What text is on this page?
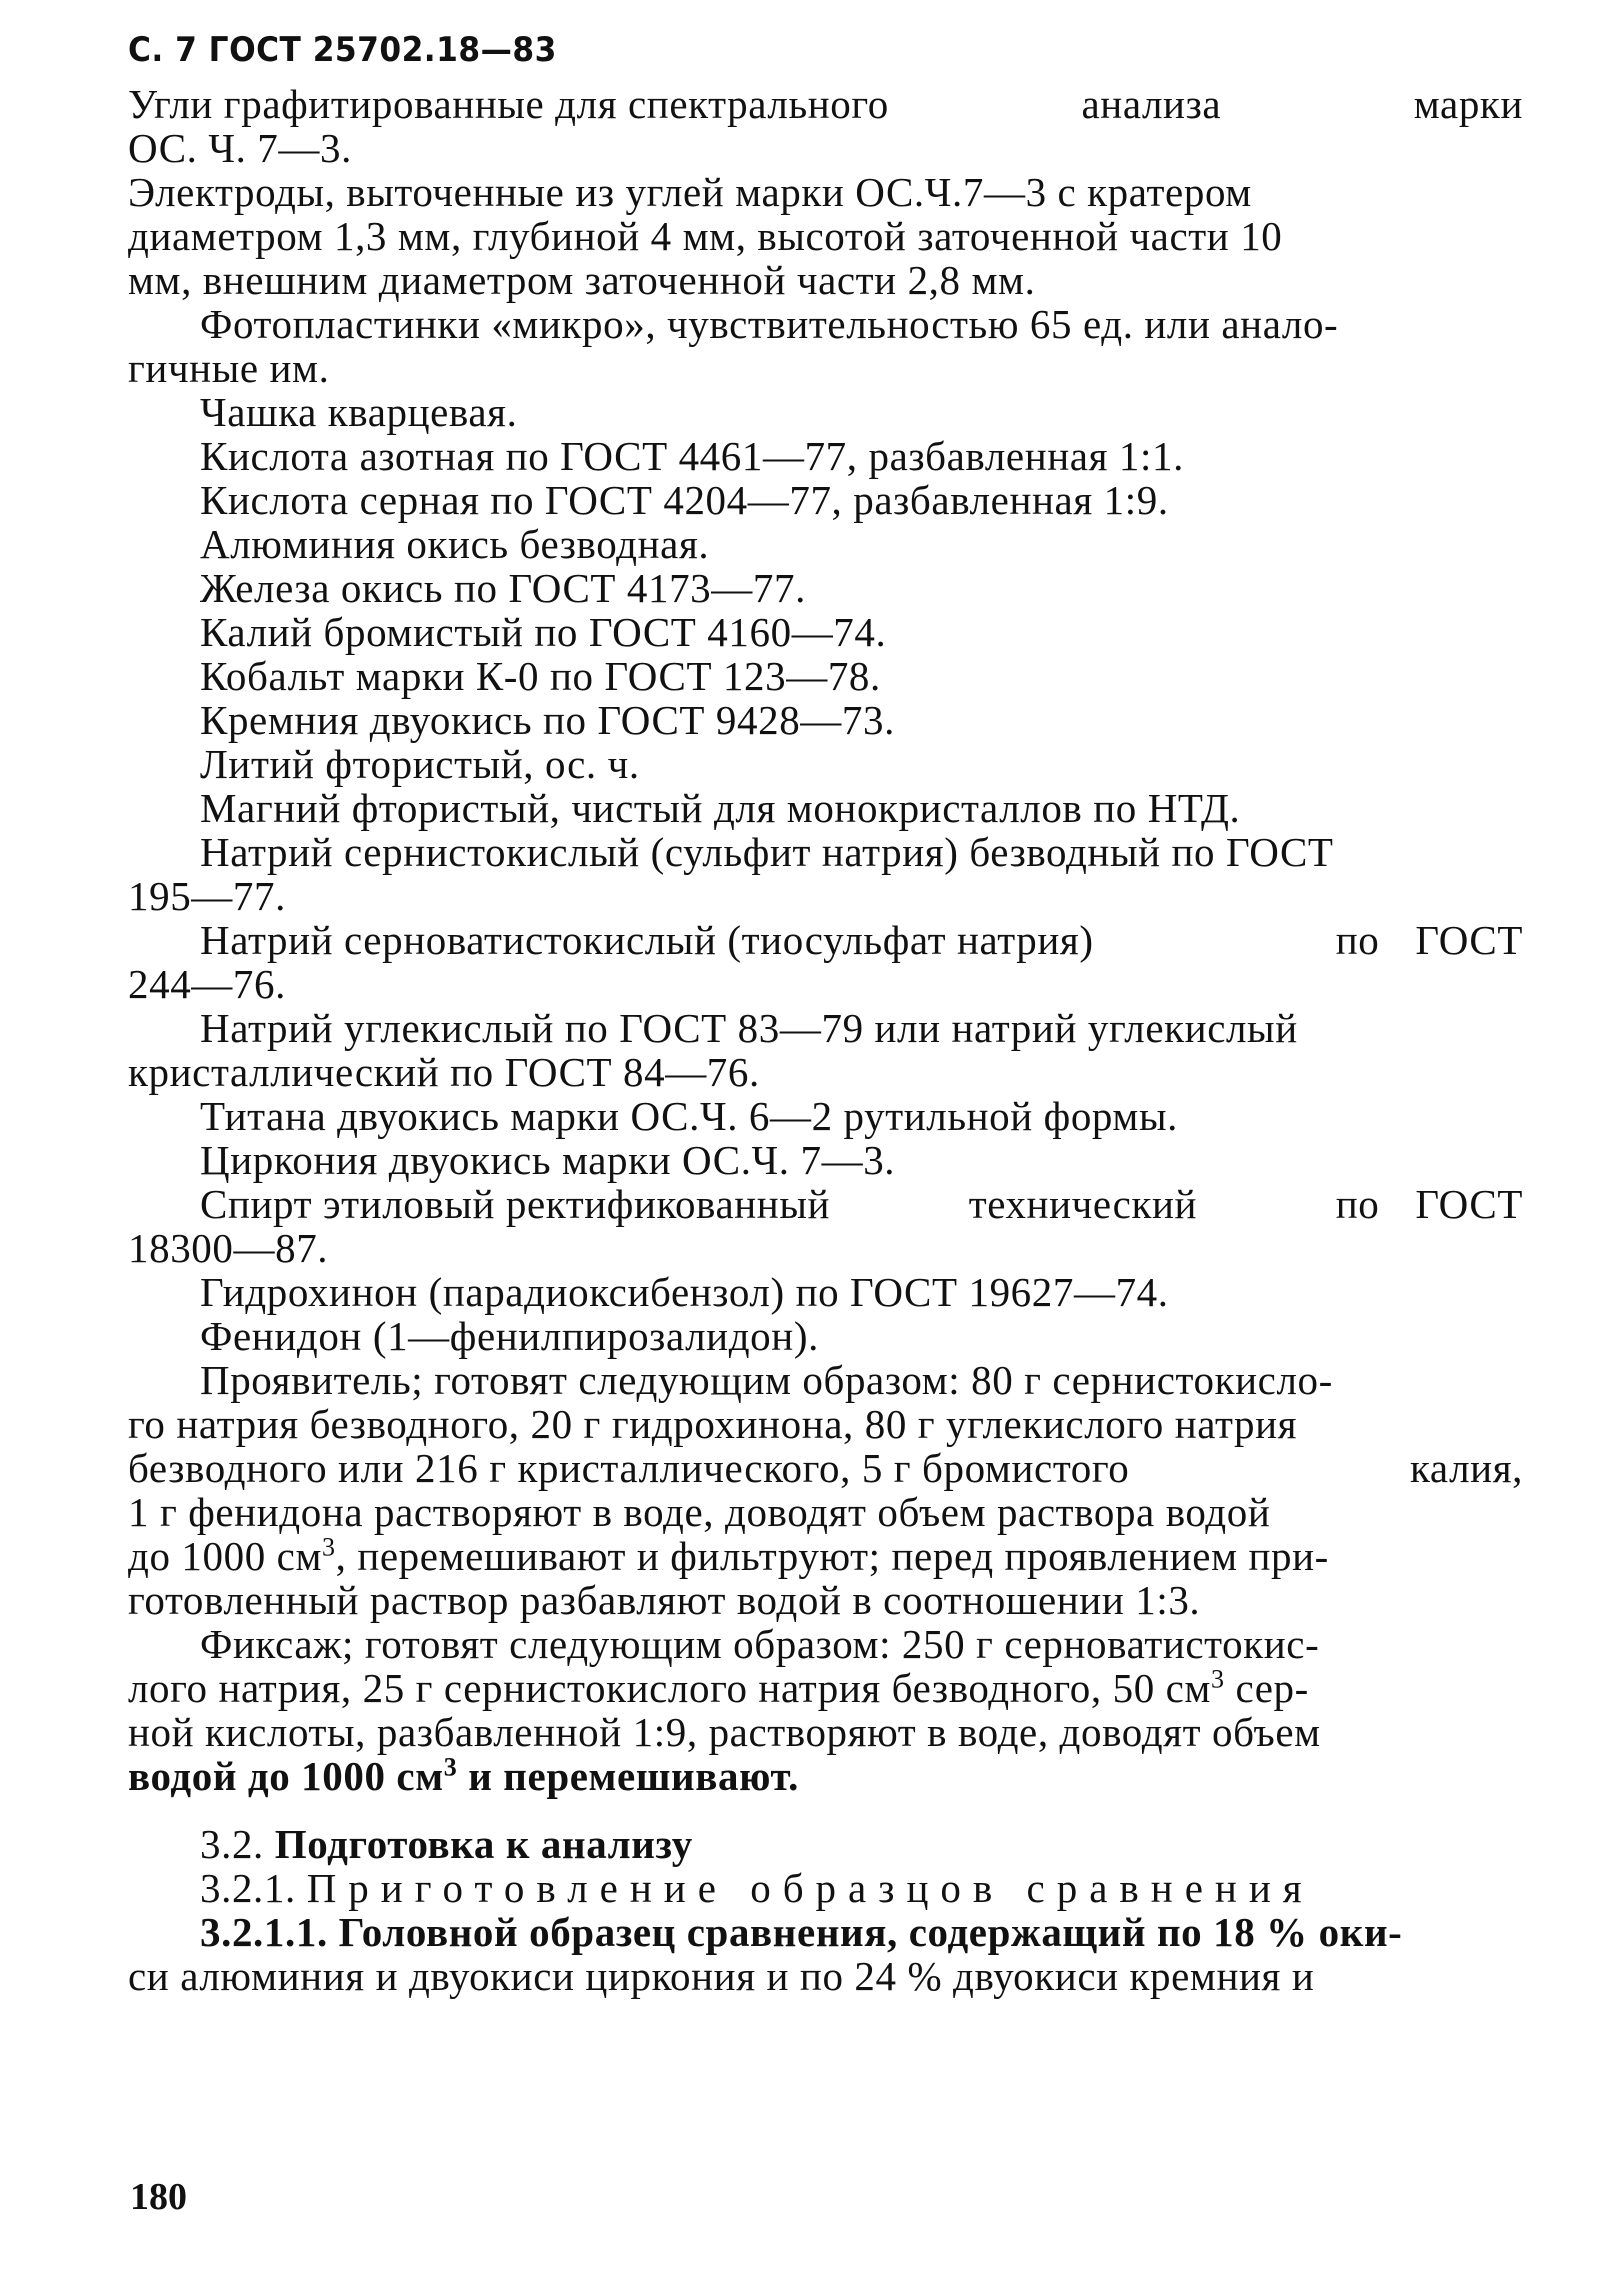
С. 7 ГОСТ 25702.18—83
Угли графитированные для спектрального	анализа	марки
ОС. Ч. 7—3.
Электроды, выточенные из углей марки ОС.Ч.7—3 с кратером
диаметром 1,3 мм, глубиной 4 мм, высотой заточенной части 10
мм, внешним диаметром заточенной части 2,8 мм.
Фотопластинки «микро», чувствительностью 65 ед. или анало-
гичные им.
Чашка кварцевая.
Кислота азотная по ГОСТ 4461—77, разбавленная 1:1.
Кислота серная по ГОСТ 4204—77, разбавленная 1:9.
Алюминия окись безводная.
Железа окись по ГОСТ 4173—77.
Калий бромистый по ГОСТ 4160—74.
Кобальт марки К-0 по ГОСТ 123—78.
Кремния двуокись по ГОСТ 9428—73.
Литий фтористый, ос. ч.
Магний фтористый, чистый для монокристаллов по НТД.
Натрий сернистокислый (сульфит натрия) безводный по ГОСТ
195—77.
Натрий серноватистокислый (тиосульфат натрия)	по ГОСТ
244—76.
Натрий углекислый по ГОСТ 83—79 или натрий углекислый
кристаллический по ГОСТ 84—76.
Титана двуокись марки ОС.Ч. 6—2 рутильной формы.
Циркония двуокись марки ОС.Ч. 7—3.
Спирт этиловый ректификованный	технический	по ГОСТ
18300—87.
Гидрохинон (парадиоксибензол) по ГОСТ 19627—74.
Фенидон (1—фенилпирозалидон).
Проявитель; готовят следующим образом: 80 г сернистокисло-
го натрия безводного, 20 г гидрохинона, 80 г углекислого натрия
безводного или 216 г кристаллического, 5 г бромистого	калия,
1 г фенидона растворяют в воде, доводят объем раствора водой
до 1000 $см^3$, перемешивают и фильтруют; перед проявлением при-
готовленный раствор разбавляют водой в соотношении 1:3.
Фиксаж; готовят следующим образом: 250 г серноватистокис-
лого натрия, 25 г сернистокислого натрия безводного, 50 $см^3$ сер-
ной кислоты, разбавленной 1:9, растворяют в воде, доводят объем
водой до 1000 $см^3$ и перемешивают.
3.2. Подготовка к анализу
3.2.1. Приготовление образцов сравнения
3.2.1.1. Головной образец сравнения, содержащий по 18 % оки-
си алюминия и двуокиси циркония и по 24 % двуокиси кремния и
180
